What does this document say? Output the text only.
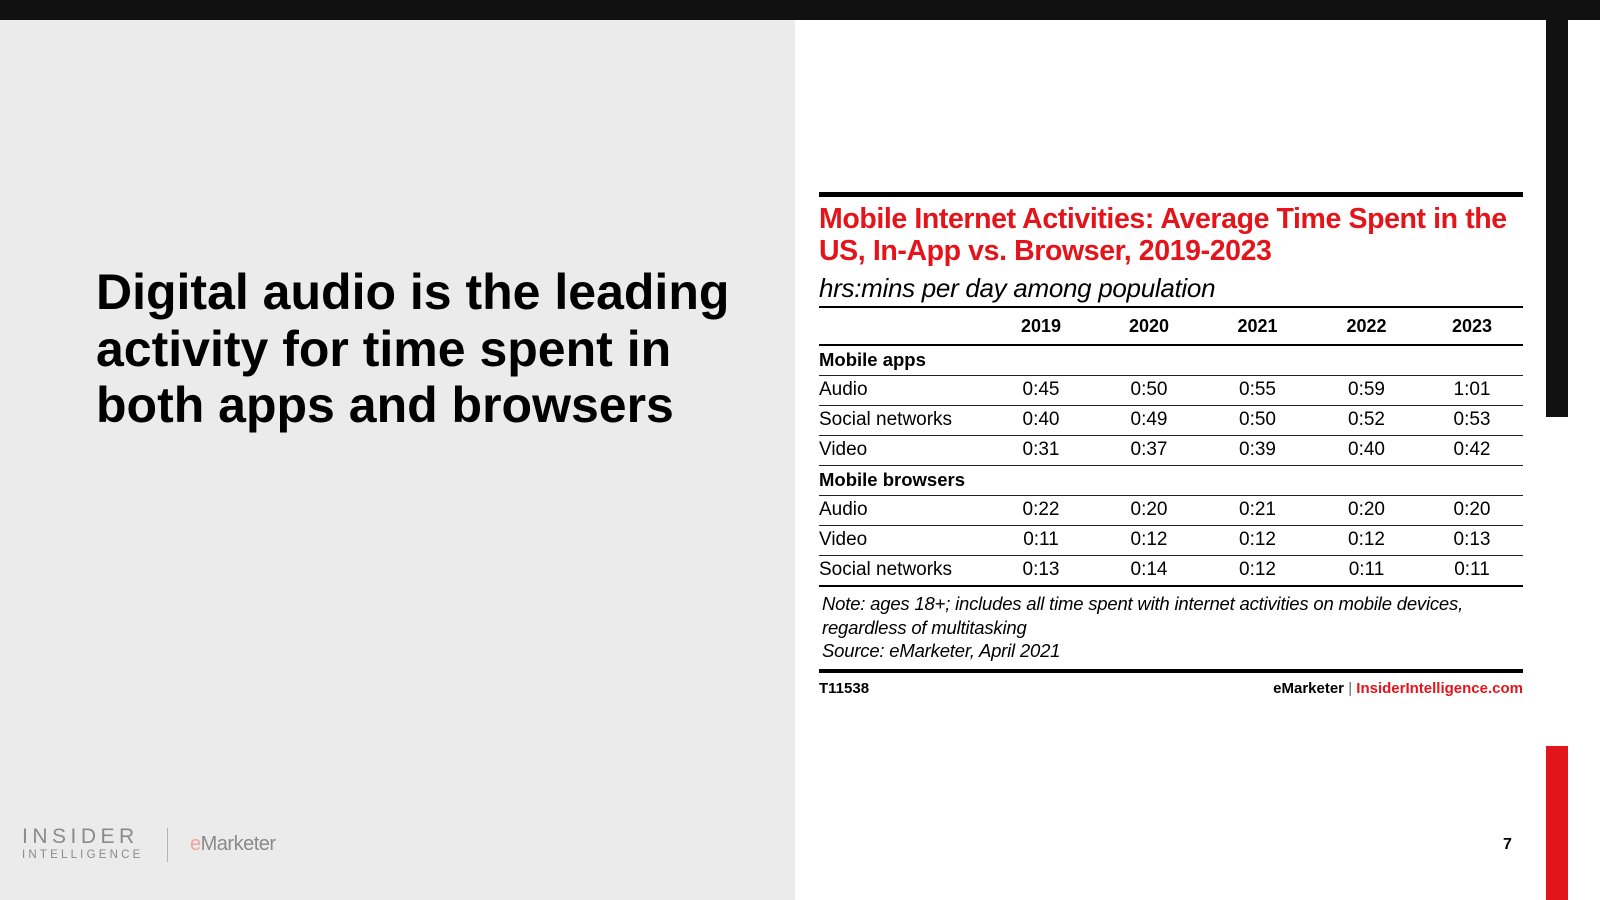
Digital audio is the leading activity for time spent in both apps and browsers
INSIDER
INTELLIGENCE	eMarketer	7
Mobile Internet Activities: Average Time Spent in the US, In-App vs. Browser, 2019-2023
hrs:mins per day among population
	2019	2020	2021	2022	2023
Mobile apps					
Audio	0:45	0:50	0:55	0:59	1:01
Social networks	0:40	0:49	0:50	0:52	0:53
Video	0:31	0:37	0:39	0:40	0:42
Mobile browsers					
Audio	0:22	0:20	0:21	0:20	0:20
Video	0:11	0:12	0:12	0:12	0:13
Social networks	0:13	0:14	0:12	0:11	0:11
Note: ages 18+; includes all time spent with internet activities on mobile devices,
regardless of multitasking
Source: eMarketer, April 2021
T11538	eMarketer | InsiderIntelligence.com
